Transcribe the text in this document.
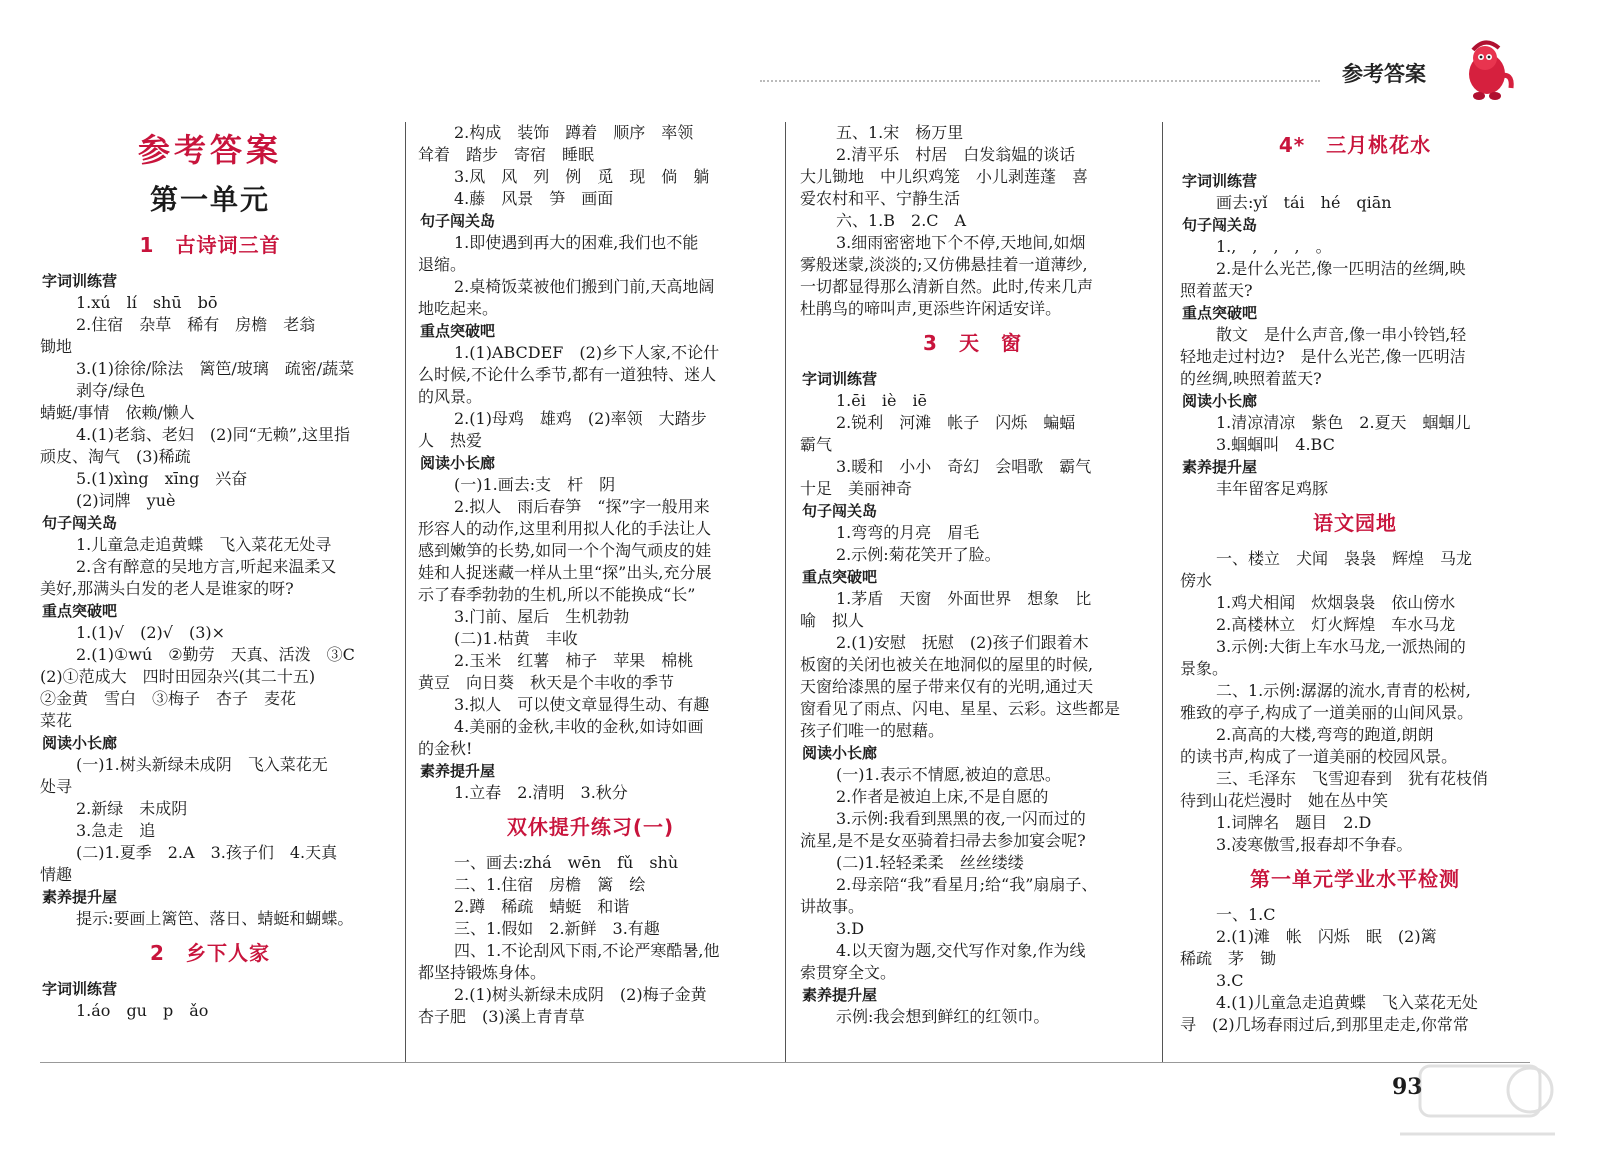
参考答案
参考答案
第一单元
1　古诗词三首

字词训练营

1.xú　lí　shū　bō

2.住宿　杂草　稀有　房檐　老翁

锄地

3.(1)徐徐/除法　篱笆/玻璃　疏密/蔬菜　剥夺/绿色

蜻蜓/事情　依赖/懒人

4.(1)老翁、老妇　(2)同“无赖”,这里指

顽皮、淘气　(3)稀疏

5.(1)xìng　xīng　兴奋

(2)词牌　yuè

句子闯关岛

1.儿童急走追黄蝶　飞入菜花无处寻

2.含有醉意的吴地方言,听起来温柔又

美好,那满头白发的老人是谁家的呀?

重点突破吧

1.(1)√　(2)√　(3)×

2.(1)①wú　②勤劳　天真、活泼　③C

(2)①范成大　四时田园杂兴(其二十五)

②金黄　雪白　③梅子　杏子　麦花

菜花

阅读小长廊

(一)1.树头新绿未成阴　飞入菜花无

处寻

2.新绿　未成阴

3.急走　追

(二)1.夏季　2.A　3.孩子们　4.天真

情趣

素养提升屋

提示:要画上篱笆、落日、蜻蜓和蝴蝶。

2　乡下人家

字词训练营

1.áo　gu　p　ǎo

2.构成　装饰　蹲着　顺序　率领

耸着　踏步　寄宿　睡眠

3.凤　风　列　例　觅　现　倘　躺

4.藤　风景　笋　画面

句子闯关岛

1.即使遇到再大的困难,我们也不能

退缩。

2.桌椅饭菜被他们搬到门前,天高地阔

地吃起来。

重点突破吧

1.(1)ABCDEF　(2)乡下人家,不论什

么时候,不论什么季节,都有一道独特、迷人

的风景。

2.(1)母鸡　雄鸡　(2)率领　大踏步

人　热爱

阅读小长廊

(一)1.画去:支　杆　阴

2.拟人　雨后春笋　“探”字一般用来

形容人的动作,这里利用拟人化的手法让人

感到嫩笋的长势,如同一个个淘气顽皮的娃

娃和人捉迷藏一样从土里“探”出头,充分展

示了春季勃勃的生机,所以不能换成“长”

3.门前、屋后　生机勃勃

(二)1.枯黄　丰收

2.玉米　红薯　柿子　苹果　棉桃

黄豆　向日葵　秋天是个丰收的季节

3.拟人　可以使文章显得生动、有趣

4.美丽的金秋,丰收的金秋,如诗如画

的金秋!

素养提升屋

1.立春　2.清明　3.秋分

双休提升练习(一)

一、画去:zhá　wēn　fǔ　shù

二、1.住宿　房檐　篱　绘

2.蹲　稀疏　蜻蜓　和谐

三、1.假如　2.新鲜　3.有趣

四、1.不论刮风下雨,不论严寒酷暑,他

都坚持锻炼身体。

2.(1)树头新绿未成阴　(2)梅子金黄

杏子肥　(3)溪上青青草

五、1.宋　杨万里

2.清平乐　村居　白发翁媪的谈话

大儿锄地　中儿织鸡笼　小儿剥莲蓬　喜

爱农村和平、宁静生活

六、1.B　2.C　A

3.细雨密密地下个不停,天地间,如烟

雾般迷蒙,淡淡的;又仿佛悬挂着一道薄纱,

一切都显得那么清新自然。此时,传来几声

杜鹃鸟的啼叫声,更添些许闲适安详。

3　天　窗

字词训练营

1.ēi　iè　iē

2.锐利　河滩　帐子　闪烁　蝙蝠

霸气

3.暖和　小小　奇幻　会唱歌　霸气

十足　美丽神奇

句子闯关岛

1.弯弯的月亮　眉毛

2.示例:菊花笑开了脸。

重点突破吧

1.茅盾　天窗　外面世界　想象　比

喻　拟人

2.(1)安慰　抚慰　(2)孩子们跟着木

板窗的关闭也被关在地洞似的屋里的时候,

天窗给漆黑的屋子带来仅有的光明,通过天

窗看见了雨点、闪电、星星、云彩。这些都是

孩子们唯一的慰藉。

阅读小长廊

(一)1.表示不情愿,被迫的意思。

2.作者是被迫上床,不是自愿的

3.示例:我看到黑黑的夜,一闪而过的

流星,是不是女巫骑着扫帚去参加宴会呢?

(二)1.轻轻柔柔　丝丝缕缕

2.母亲陪“我”看星月;给“我”扇扇子、

讲故事。

3.D

4.以天窗为题,交代写作对象,作为线

索贯穿全文。

素养提升屋

示例:我会想到鲜红的红领巾。

4*　三月桃花水

字词训练营

画去:yǐ　tái　hé　qiān

句子闯关岛

1.,　,　,　,　。

2.是什么光芒,像一匹明洁的丝绸,映

照着蓝天?

重点突破吧

散文　是什么声音,像一串小铃铛,轻

轻地走过村边?　是什么光芒,像一匹明洁

的丝绸,映照着蓝天?

阅读小长廊

1.清凉清凉　紫色　2.夏天　蝈蝈儿

3.蝈蝈叫　4.BC

素养提升屋

丰年留客足鸡豚

语文园地

一、楼立　犬闻　袅袅　辉煌　马龙

傍水

1.鸡犬相闻　炊烟袅袅　依山傍水

2.高楼林立　灯火辉煌　车水马龙

3.示例:大街上车水马龙,一派热闹的

景象。

二、1.示例:潺潺的流水,青青的松树,

雅致的亭子,构成了一道美丽的山间风景。

2.高高的大楼,弯弯的跑道,朗朗

的读书声,构成了一道美丽的校园风景。

三、毛泽东　飞雪迎春到　犹有花枝俏

待到山花烂漫时　她在丛中笑

1.词牌名　题目　2.D

3.凌寒傲雪,报春却不争春。

第一单元学业水平检测

一、1.C

2.(1)滩　帐　闪烁　眠　(2)篱

稀疏　茅　锄

3.C

4.(1)儿童急走追黄蝶　飞入菜花无处

寻　(2)几场春雨过后,到那里走走,你常常

93
